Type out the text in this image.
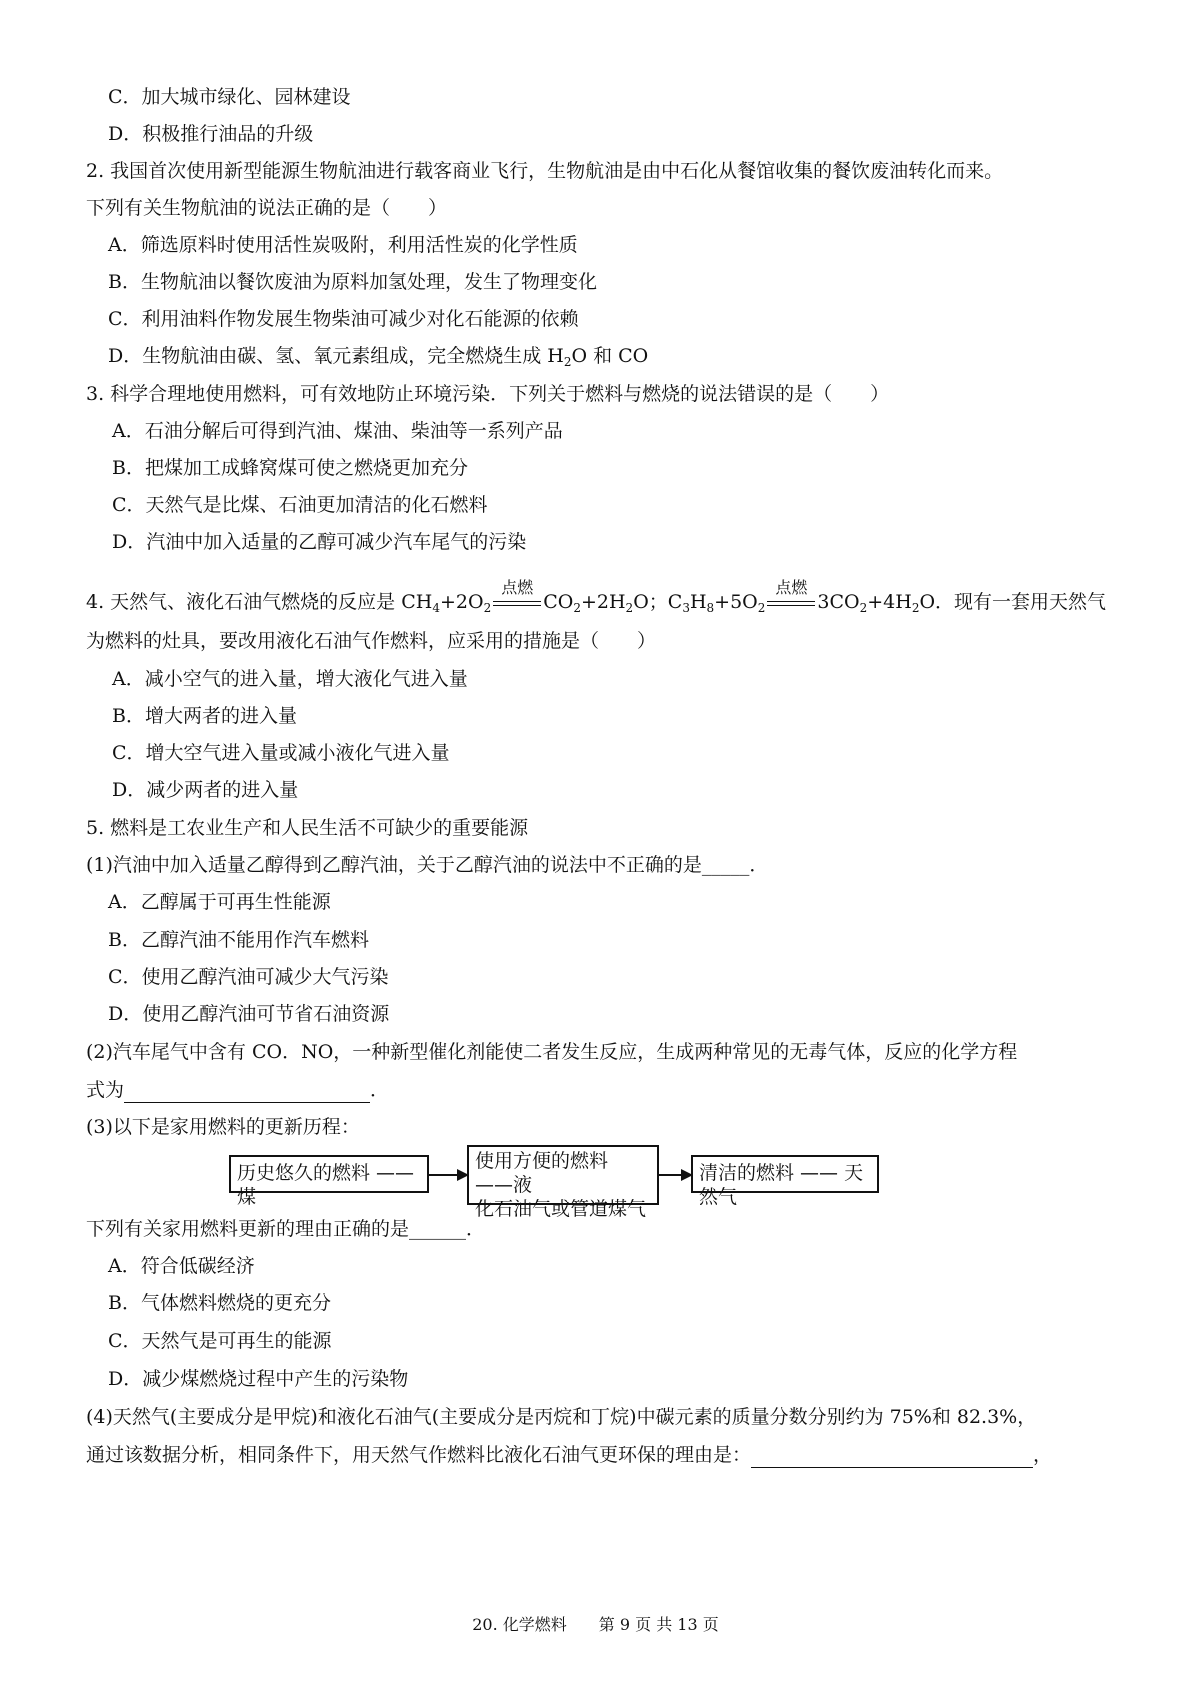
C．加大城市绿化、园林建设
D．积极推行油品的升级
2. 我国首次使用新型能源生物航油进行载客商业飞行，生物航油是由中石化从餐馆收集的餐饮废油转化而来。
下列有关生物航油的说法正确的是（　　）
A．筛选原料时使用活性炭吸附，利用活性炭的化学性质
B．生物航油以餐饮废油为原料加氢处理，发生了物理变化
C．利用油料作物发展生物柴油可减少对化石能源的依赖
D．生物航油由碳、氢、氧元素组成，完全燃烧生成 $H_2O$ 和 CO
3. 科学合理地使用燃料，可有效地防止环境污染．下列关于燃料与燃烧的说法错误的是（　　）
A．石油分解后可得到汽油、煤油、柴油等一系列产品
B．把煤加工成蜂窝煤可使之燃烧更加充分
C．天然气是比煤、石油更加清洁的化石燃料
D．汽油中加入适量的乙醇可减少汽车尾气的污染
4. 天然气、液化石油气燃烧的反应是 $CH_4+2O_2$
点燃
$CO_2+2H_2O$；$C_3H_8+5O_2$
点燃
$3CO_2+4H_2O$．现有一套用天然气
为燃料的灶具，要改用液化石油气作燃料，应采用的措施是（　　）
A．减小空气的进入量，增大液化气进入量
B．增大两者的进入量
C．增大空气进入量或减小液化气进入量
D．减少两者的进入量
5. 燃料是工农业生产和人民生活不可缺少的重要能源
(1)汽油中加入适量乙醇得到乙醇汽油，关于乙醇汽油的说法中不正确的是_____．
A．乙醇属于可再生性能源
B．乙醇汽油不能用作汽车燃料
C．使用乙醇汽油可减少大气污染
D．使用乙醇汽油可节省石油资源
(2)汽车尾气中含有 CO．NO，一种新型催化剂能使二者发生反应，生成两种常见的无毒气体，反应的化学方程
式为	．
(3)以下是家用燃料的更新历程：
历史悠久的燃料 —— 煤
使用方便的燃料 ——液
化石油气或管道煤气
清洁的燃料 —— 天然气
下列有关家用燃料更新的理由正确的是______．
A．符合低碳经济
B．气体燃料燃烧的更充分
C．天然气是可再生的能源
D．减少煤燃烧过程中产生的污染物
(4)天然气(主要成分是甲烷)和液化石油气(主要成分是丙烷和丁烷)中碳元素的质量分数分别约为 75%和 82.3%，
通过该数据分析，相同条件下，用天然气作燃料比液化石油气更环保的理由是：	，
20. 化学燃料　　第 9 页 共 13 页
